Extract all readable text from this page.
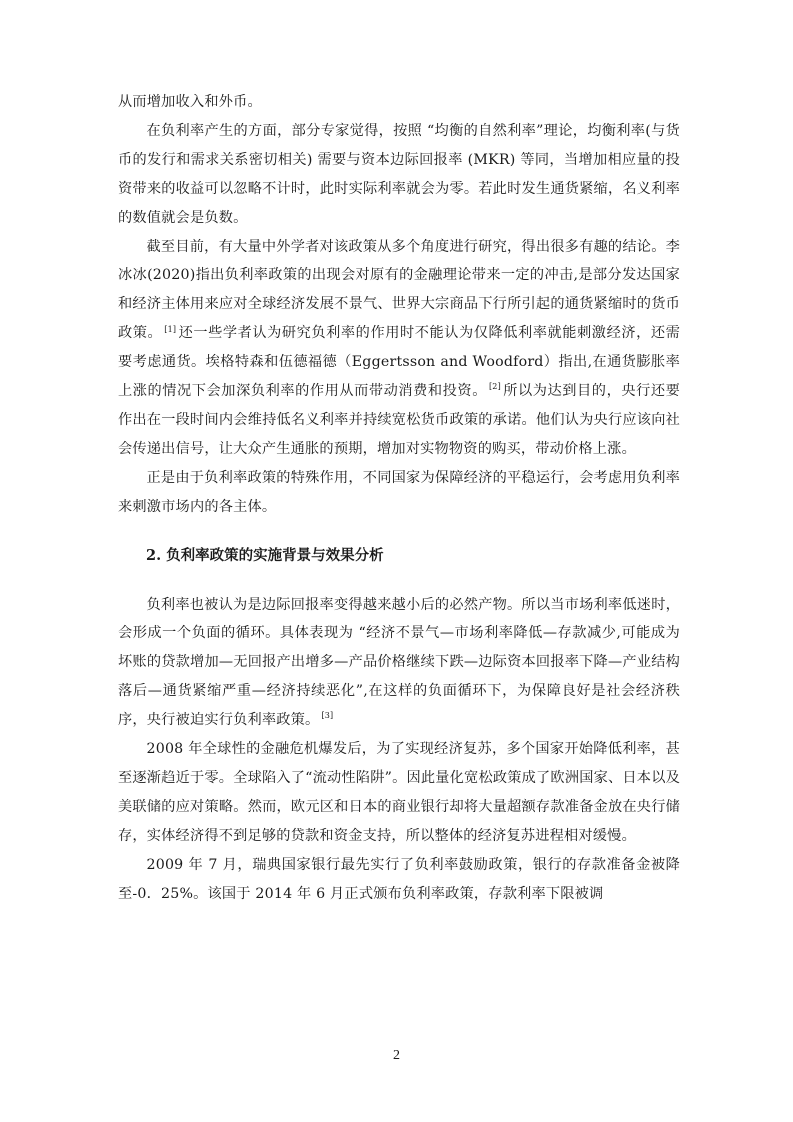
从而增加收入和外币。

在负利率产生的方面，部分专家觉得，按照 “均衡的自然利率”理论，均衡利率(与货币的发行和需求关系密切相关) 需要与资本边际回报率 (MKR) 等同，当增加相应量的投资带来的收益可以忽略不计时，此时实际利率就会为零。若此时发生通货紧缩，名义利率的数值就会是负数。

截至目前，有大量中外学者对该政策从多个角度进行研究，得出很多有趣的结论。李冰冰(2020)指出负利率政策的出现会对原有的金融理论带来一定的冲击,是部分发达国家和经济主体用来应对全球经济发展不景气、世界大宗商品下行所引起的通货紧缩时的货币政策。 [1] 还一些学者认为研究负利率的作用时不能认为仅降低利率就能刺激经济，还需要考虑通货。埃格特森和伍德福德（Eggertsson and Woodford）指出,在通货膨胀率上涨的情况下会加深负利率的作用从而带动消费和投资。 [2] 所以为达到目的，央行还要作出在一段时间内会维持低名义利率并持续宽松货币政策的承诺。他们认为央行应该向社会传递出信号，让大众产生通胀的预期，增加对实物物资的购买，带动价格上涨。

正是由于负利率政策的特殊作用，不同国家为保障经济的平稳运行，会考虑用负利率来刺激市场内的各主体。

2. 负利率政策的实施背景与效果分析

负利率也被认为是边际回报率变得越来越小后的必然产物。所以当市场利率低迷时，会形成一个负面的循环。具体表现为 “经济不景气—市场利率降低—存款减少,可能成为坏账的贷款增加—无回报产出增多—产品价格继续下跌—边际资本回报率下降—产业结构落后—通货紧缩严重—经济持续恶化”,在这样的负面循环下，为保障良好是社会经济秩序，央行被迫实行负利率政策。 [3]

2008 年全球性的金融危机爆发后，为了实现经济复苏，多个国家开始降低利率，甚至逐渐趋近于零。全球陷入了“流动性陷阱”。因此量化宽松政策成了欧洲国家、日本以及美联储的应对策略。然而，欧元区和日本的商业银行却将大量超额存款准备金放在央行储存，实体经济得不到足够的贷款和资金支持，所以整体的经济复苏进程相对缓慢。

2009 年 7 月，瑞典国家银行最先实行了负利率鼓励政策，银行的存款准备金被降至-0．25%。该国于 2014 年 6 月正式颁布负利率政策，存款利率下限被调

2
